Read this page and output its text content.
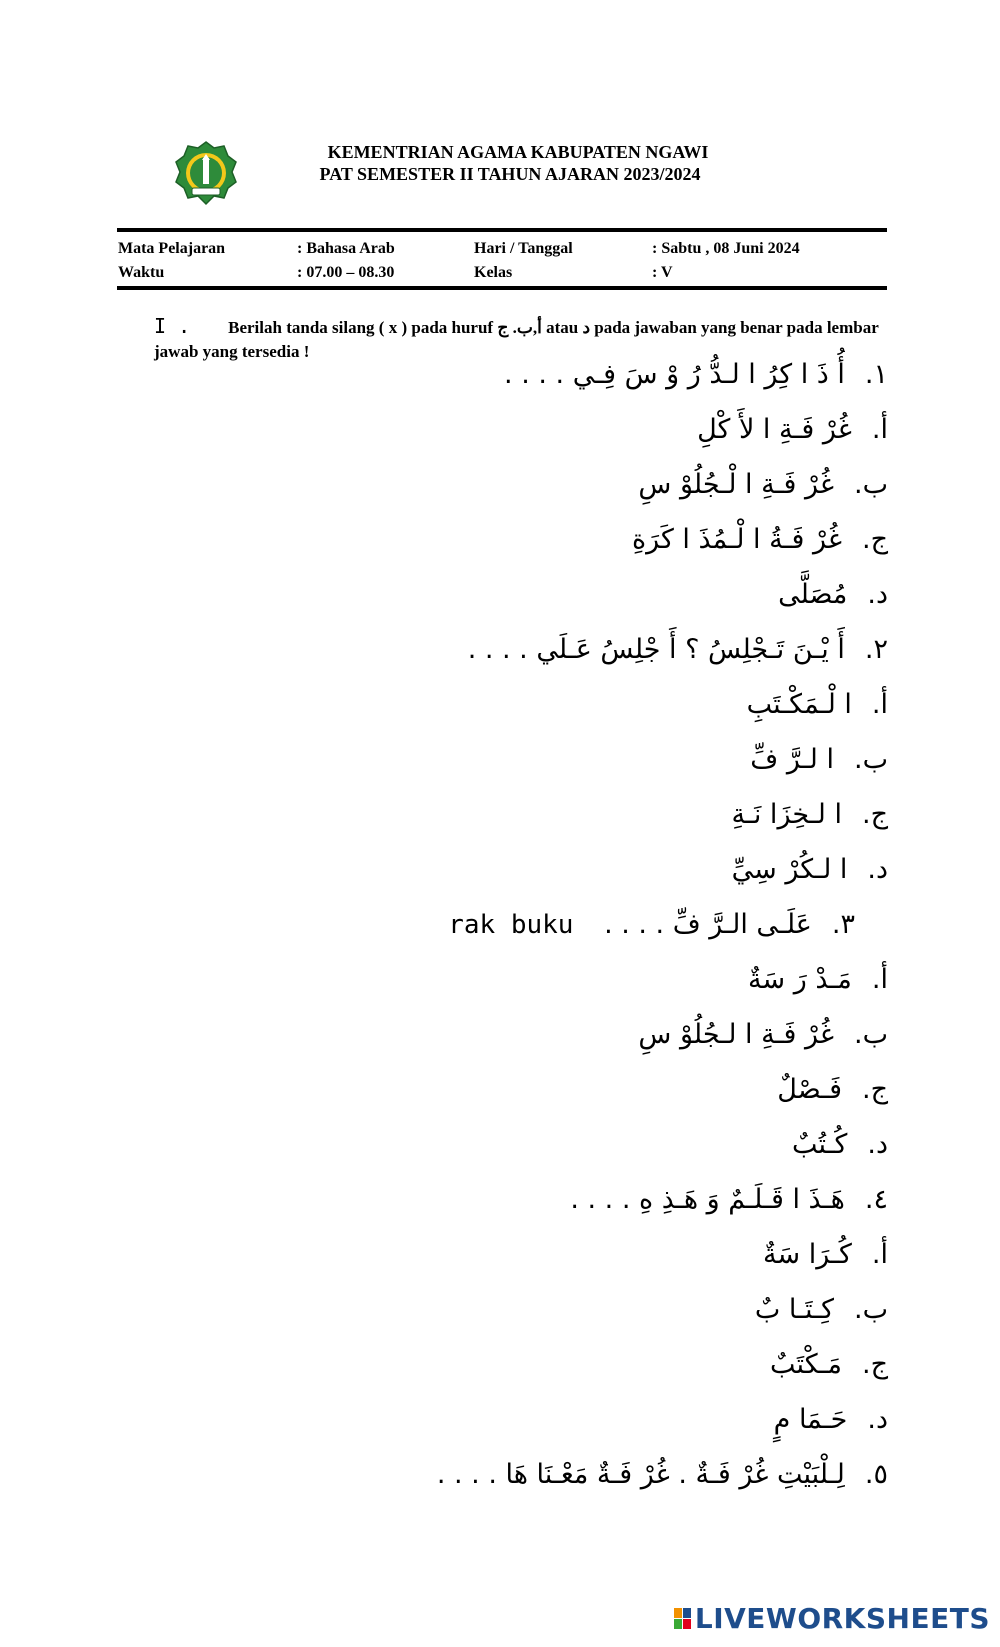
KEMENTRIAN AGAMA KABUPATEN NGAWI
PAT SEMESTER II TAHUN AJARAN 2023/2024
Mata Pelajaran	: Bahasa Arab	Hari / Tanggal	: Sabtu , 08 Juni 2024
Waktu	: 07.00 – 08.30	Kelas	: V
I . Berilah tanda silang ( x ) pada huruf أ,ب. ج atau د pada jawaban yang benar pada lembar jawab yang tersedia !
١.أُ ذَ ا كِرُ ا لـدُّ رُ وْ سَ فِـي . . . .
أ.غُرْ فَـةِ ا لأَ كْلِ
ب.غُرْ فَـةِ ا لْـجُلُوْ سِ
ج.غُرْ فَـةُ ا لْـمُذَ ا كَرَةِ
د.مُصَلَّى
٢.أَ يْـنَ تَـجْلِسُ ؟ أَ جْلِسُ عَـلَي . . . .
أ.ا لْـمَكْـتَبِ
ب.ا لـرَّ فِّ
ج.ا لـخِزَا نَـةِ
د.ا لـكُرْ سِيِّ
٣.عَلَـى الـرَّ فِّ . . . . rak buku
أ.مَـدْ رَ سَةٌ
ب.غُرْ فَـةِ ا لـجُلُوْ سِ
ج.فَـصْلٌ
د.كُـتُبٌ
٤.هَـذَ ا قَـلَـمٌ وَ هَـذِ هِ . . . .
أ.كُـرَا سَةٌ
ب.كِـتَـا بٌ
ج.مَـكْتَبٌ
د.حَـمَا مٍ
٥.لِـلْبَيْتِ غُرْ فَـةٌ . غُرْ فَـةٌ مَعْـنَا هَا . . . .
LIVEWORKSHEETS
